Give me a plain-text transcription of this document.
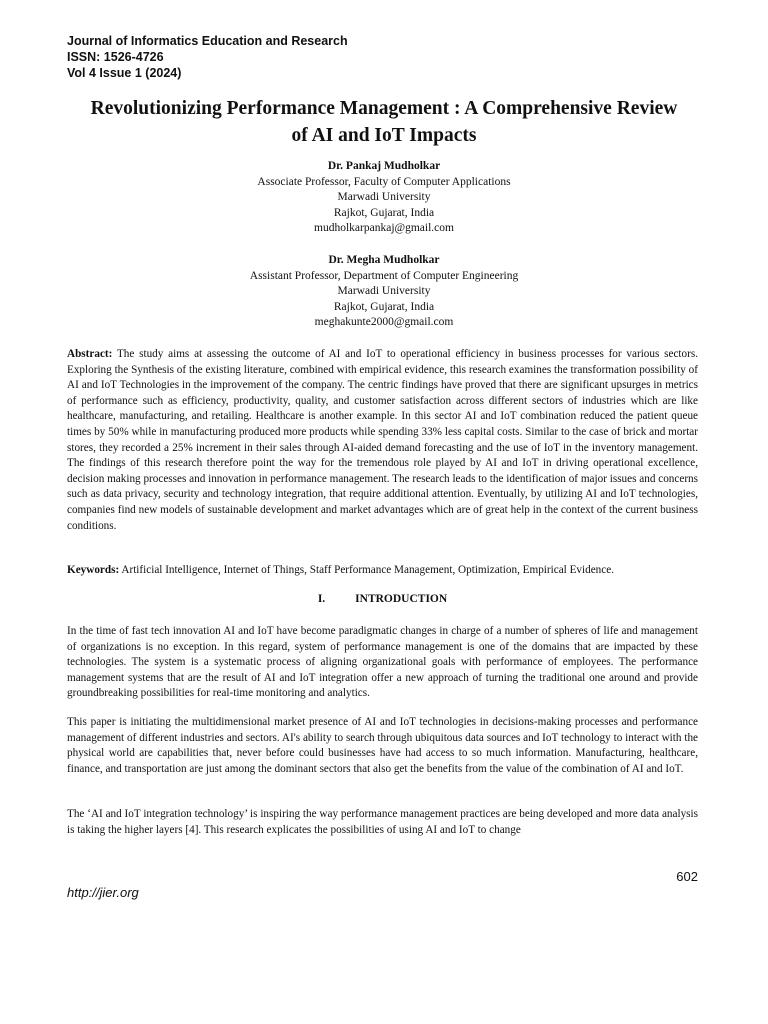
Journal of Informatics Education and Research
ISSN: 1526-4726
Vol 4 Issue 1 (2024)
Revolutionizing Performance Management : A Comprehensive Review
of AI and IoT Impacts
Dr. Pankaj Mudholkar
Associate Professor, Faculty of Computer Applications
Marwadi University
Rajkot, Gujarat, India
mudholkarpankaj@gmail.com
Dr. Megha Mudholkar
Assistant Professor, Department of Computer Engineering
Marwadi University
Rajkot, Gujarat, India
meghakunte2000@gmail.com
Abstract: The study aims at assessing the outcome of AI and IoT to operational efficiency in business processes for various sectors. Exploring the Synthesis of the existing literature, combined with empirical evidence, this research examines the transformation possibility of AI and IoT Technologies in the improvement of the company. The centric findings have proved that there are significant upsurges in metrics of performance such as efficiency, productivity, quality, and customer satisfaction across different sectors of industries which are like healthcare, manufacturing, and retailing. Healthcare is another example. In this sector AI and IoT combination reduced the patient queue times by 50% while in manufacturing produced more products while spending 33% less capital costs. Similar to the case of brick and mortar stores, they recorded a 25% increment in their sales through AI-aided demand forecasting and the use of IoT in the inventory management. The findings of this research therefore point the way for the tremendous role played by AI and IoT in driving operational excellence, decision making processes and innovation in performance management. The research leads to the identification of major issues and concerns such as data privacy, security and technology integration, that require additional attention. Eventually, by utilizing AI and IoT technologies, companies find new models of sustainable development and market advantages which are of great help in the context of the current business conditions.
Keywords: Artificial Intelligence, Internet of Things, Staff Performance Management, Optimization, Empirical Evidence.
I.	INTRODUCTION
In the time of fast tech innovation AI and IoT have become paradigmatic changes in charge of a number of spheres of life and management of organizations is no exception. In this regard, system of performance management is one of the domains that are impacted by these technologies. The system is a systematic process of aligning organizational goals with performance of employees. The performance management systems that are the result of AI and IoT integration offer a new approach of turning the traditional one around and provide groundbreaking possibilities for real-time monitoring and analytics.
This paper is initiating the multidimensional market presence of AI and IoT technologies in decisions-making processes and performance management of different industries and sectors. AI's ability to search through ubiquitous data sources and IoT technology to interact with the physical world are capabilities that, never before could businesses have had access to so much information. Manufacturing, healthcare, finance, and transportation are just among the dominant sectors that also get the benefits from the value of the combination of AI and IoT.
The ‘AI and IoT integration technology’ is inspiring the way performance management practices are being developed and more data analysis is taking the higher layers [4]. This research explicates the possibilities of using AI and IoT to change
602
http://jier.org
